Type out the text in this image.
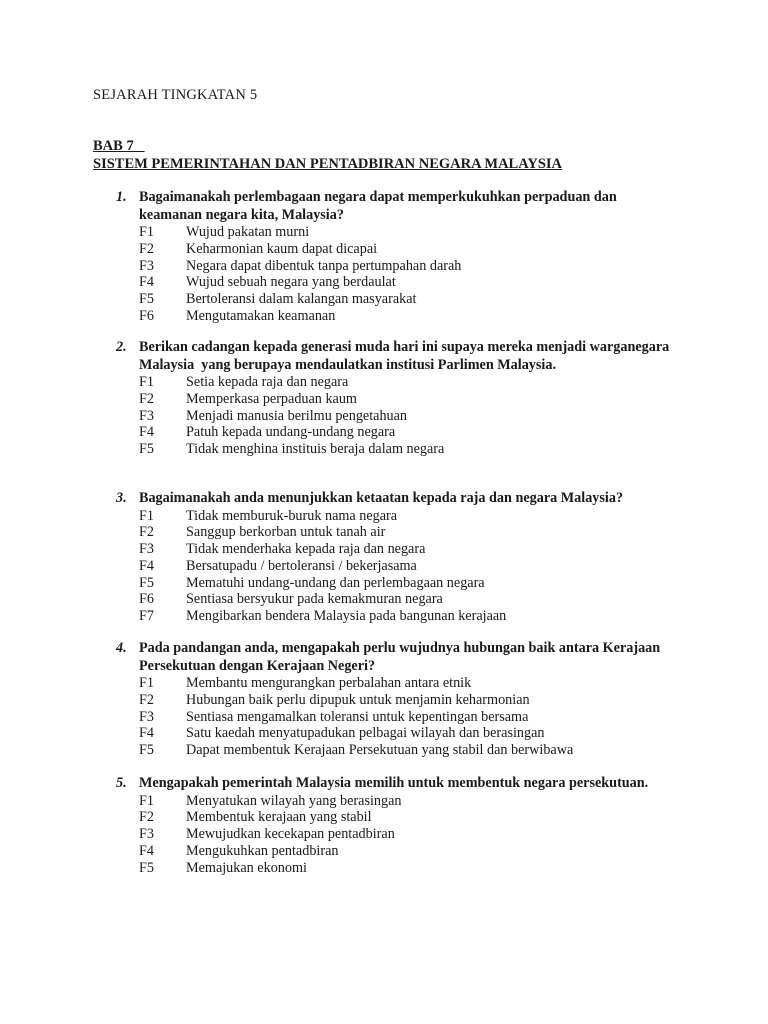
SEJARAH TINGKATAN 5
BAB 7
SISTEM PEMERINTAHAN DAN PENTADBIRAN NEGARA MALAYSIA
1. Bagaimanakah perlembagaan negara dapat memperkukuhkan perpaduan dan keamanan negara kita, Malaysia?
F1 Wujud pakatan murni
F2 Keharmonian kaum dapat dicapai
F3 Negara dapat dibentuk tanpa pertumpahan darah
F4 Wujud sebuah negara yang berdaulat
F5 Bertoleransi dalam kalangan masyarakat
F6 Mengutamakan keamanan
2. Berikan cadangan kepada generasi muda hari ini supaya mereka menjadi warganegara Malaysia  yang berupaya mendaulatkan institusi Parlimen Malaysia.
F1 Setia kepada raja dan negara
F2 Memperkasa perpaduan kaum
F3 Menjadi manusia berilmu pengetahuan
F4 Patuh kepada undang-undang negara
F5 Tidak menghina instituis beraja dalam negara
3. Bagaimanakah anda menunjukkan ketaatan kepada raja dan negara Malaysia?
F1 Tidak memburuk-buruk nama negara
F2 Sanggup berkorban untuk tanah air
F3 Tidak menderhaka kepada raja dan negara
F4 Bersatupadu / bertoleransi / bekerjasama
F5 Mematuhi undang-undang dan perlembagaan negara
F6 Sentiasa bersyukur pada kemakmuran negara
F7 Mengibarkan bendera Malaysia pada bangunan kerajaan
4. Pada pandangan anda, mengapakah perlu wujudnya hubungan baik antara Kerajaan    Persekutuan dengan Kerajaan Negeri?
F1 Membantu mengurangkan perbalahan antara etnik
F2 Hubungan baik perlu dipupuk untuk menjamin keharmonian
F3 Sentiasa mengamalkan toleransi untuk kepentingan bersama
F4 Satu kaedah menyatupadukan pelbagai wilayah dan berasingan
F5 Dapat membentuk Kerajaan Persekutuan yang stabil dan berwibawa
5. Mengapakah pemerintah Malaysia memilih untuk membentuk negara persekutuan.
F1 Menyatukan wilayah yang berasingan
F2 Membentuk kerajaan yang stabil
F3 Mewujudkan kecekapan pentadbiran
F4 Mengukuhkan pentadbiran
F5 Memajukan ekonomi
